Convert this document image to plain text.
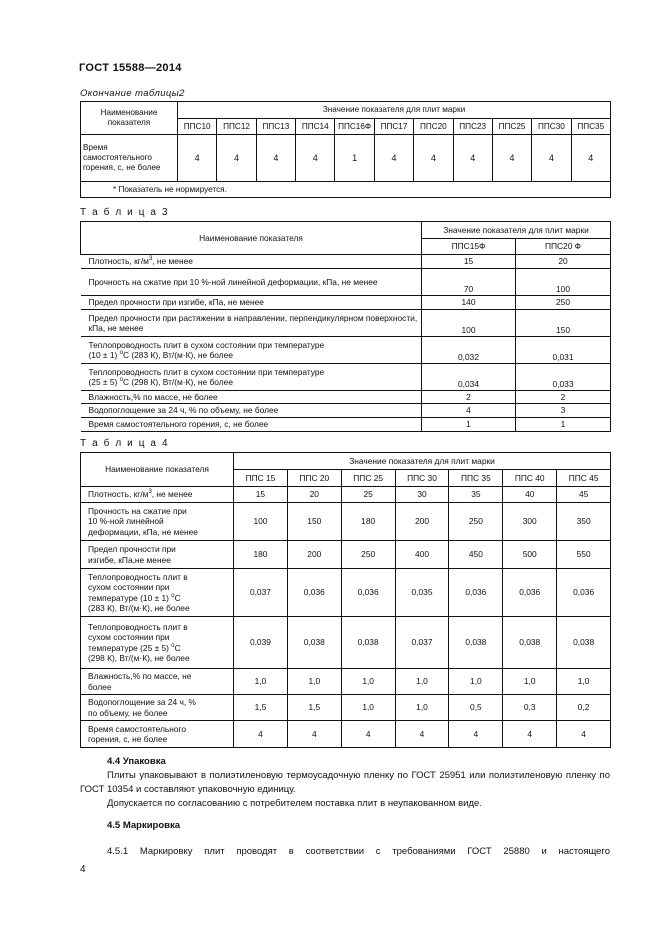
ГОСТ 15588—2014
Окончание таблицы2
Наименование показателя	Значение показателя для плит марки										
	ППС10	ППС12	ППС13	ППС14	ППС16Ф	ППС17	ППС20	ППС23	ППС25	ППС30	ППС35
Время самостоятельного горения, с, не более	4	4	4	4	1	4	4	4	4	4	4
* Показатель не нормируется.											
Т а б л и ц а 3
Наименование показателя	Значение показателя для плит марки	
	ППС15Ф	ППС20 Ф
Плотность, $кг/м^3$, не менее	15	20
Прочность на сжатие при 10 %-ной линейной деформации, кПа, не менее	70	100
Предел прочности при изгибе, кПа, не менее	140	250
Предел прочности при растяжении в направлении, перпендикулярном поверхности, кПа, не менее	100	150
Теплопроводность плит в сухом состоянии при температуре
(10 ± 1) $^о$С (283 К), Вт/(м·К), не более	0,032	0,031
Теплопроводность плит в сухом состоянии при температуре
(25 ± 5) $^о$С (298 К), Вт/(м·К), не более	0,034	0,033
Влажность,% по массе, не более	2	2
Водопоглощение за 24 ч, % по объему, не более	4	3
Время самостоятельного горения, с, не более	1	1
Т а б л и ц а 4
Наименование показателя	Значение показателя для плит марки						
	ППС 15	ППС 20	ППС 25	ППС 30	ППС 35	ППС 40	ППС 45
Плотность, $кг/м^3$, не менее	15	20	25	30	35	40	45
Прочность на сжатие при
10 %-ной линейной
деформации, кПа, не менее	100	150	180	200	250	300	350
Предел прочности при
изгибе, кПа,не менее	180	200	250	400	450	500	550
Теплопроводность плит в
сухом состоянии при
температуре (10 ± 1) $^о$С
(283 К), Вт/(м·К), не более	0,037	0,036	0,036	0,035	0,036	0,036	0,036
Теплопроводность плит в
сухом состоянии при
температуре (25 ± 5) $^о$С
(298 К), Вт/(м·К), не более	0,039	0,038	0,038	0,037	0,038	0,038	0,038
Влажность,% по массе, не
более	1,0	1,0	1,0	1,0	1,0	1,0	1,0
Водопоглощение за 24 ч, %
по объему, не более	1,5	1,5	1,0	1,0	0,5	0,3	0,2
Время самостоятельного
горения, с, не более	4	4	4	4	4	4	4
4.4 Упаковка
Плиты упаковывают в полиэтиленовую термоусадочную пленку по ГОСТ 25951 или полиэтиленовую пленку по ГОСТ 10354 и составляют упаковочную единицу.
Допускается по согласованию с потребителем поставка плит в неупакованном виде.
4.5 Маркировка
4.5.1 Маркировку плит проводят в соответствии с требованиями ГОСТ 25880 и настоящего
4
